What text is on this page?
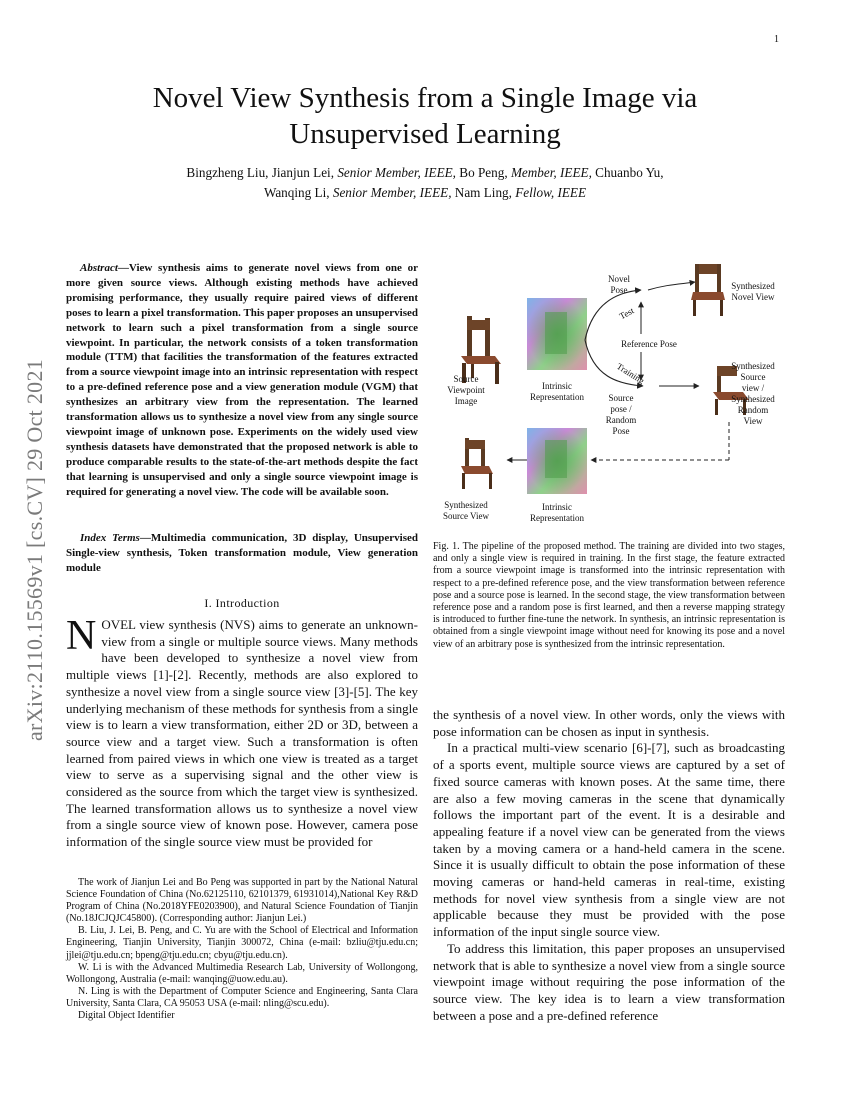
1
arXiv:2110.15569v1 [cs.CV] 29 Oct 2021
Novel View Synthesis from a Single Image via
Unsupervised Learning
Bingzheng Liu, Jianjun Lei, Senior Member, IEEE, Bo Peng, Member, IEEE, Chuanbo Yu,
Wanqing Li, Senior Member, IEEE, Nam Ling, Fellow, IEEE
Abstract—View synthesis aims to generate novel views from one or more given source views. Although existing methods have achieved promising performance, they usually require paired views of different poses to learn a pixel transformation. This paper proposes an unsupervised network to learn such a pixel transformation from a single source viewpoint. In particular, the network consists of a token transformation module (TTM) that facilities the transformation of the features extracted from a source viewpoint image into an intrinsic representation with respect to a pre-defined reference pose and a view generation module (VGM) that synthesizes an arbitrary view from the representation. The learned transformation allows us to synthesize a novel view from any single source viewpoint image of unknown pose. Experiments on the widely used view synthesis datasets have demonstrated that the proposed network is able to produce comparable results to the state-of-the-art methods despite the fact that learning is unsupervised and only a single source viewpoint image is required for generating a novel view. The code will be available soon.
Index Terms—Multimedia communication, 3D display, Unsupervised Single-view synthesis, Token transformation module, View generation module
I. Introduction
NOVEL view synthesis (NVS) aims to generate an unknown-view from a single or multiple source views. Many methods have been developed to synthesize a novel view from multiple views [1]-[2]. Recently, methods are also explored to synthesize a novel view from a single source view [3]-[5]. The key underlying mechanism of these methods for synthesis from a single view is to learn a view transformation, either 2D or 3D, between a source view and a target view. Such a transformation is often learned from paired views in which one view is treated as a target view to serve as a supervising signal and the other view is considered as the source from which the target view is synthesized. The learned transformation allows us to synthesize a novel view from a single source view of known pose. However, camera pose information of the single source view must be provided for

The work of Jianjun Lei and Bo Peng was supported in part by the National Natural Science Foundation of China (No.62125110, 62101379, 61931014),National Key R&D Program of China (No.2018YFE0203900), and Natural Science Foundation of Tianjin (No.18JCJQJC45800). (Corresponding author: Jianjun Lei.)

B. Liu, J. Lei, B. Peng, and C. Yu are with the School of Electrical and Information Engineering, Tianjin University, Tianjin 300072, China (e-mail: bzliu@tju.edu.cn; jjlei@tju.edu.cn; bpeng@tju.edu.cn; cbyu@tju.edu.cn).

W. Li is with the Advanced Multimedia Research Lab, University of Wollongong, Wollongong, Australia (e-mail: wanqing@uow.edu.au).

N. Ling is with the Department of Computer Science and Engineering, Santa Clara University, Santa Clara, CA 95053 USA (e-mail: nling@scu.edu).

Digital Object Identifier

Source
Viewpoint
Image
Intrinsic
Representation
Novel
Pose
Test
Reference Pose
Training
Source
pose /
Random
Pose
Synthesized
Novel View
Synthesized
Source
view /
Synthesized
Random
View
Intrinsic
Representation
Synthesized
Source View
Fig. 1. The pipeline of the proposed method. The training are divided into two stages, and only a single view is required in training. In the first stage, the feature extracted from a source viewpoint image is transformed into the intrinsic representation with respect to a pre-defined reference pose, and the view transformation between reference pose and a source pose is learned. In the second stage, the view transformation between reference pose and a random pose is first learned, and then a reverse mapping strategy is introduced to further fine-tune the network. In synthesis, an intrinsic representation is obtained from a single viewpoint image without need for knowing its pose and a novel view of an arbitrary pose is synthesized from the intrinsic representation.

the synthesis of a novel view. In other words, only the views with pose information can be chosen as input in synthesis.

In a practical multi-view scenario [6]-[7], such as broadcasting of a sports event, multiple source views are captured by a set of fixed source cameras with known poses. At the same time, there are also a few moving cameras in the scene that dynamically follows the important part of the event. It is a desirable and appealing feature if a novel view can be generated from the views taken by a moving camera or a hand-held camera in the scene. Since it is usually difficult to obtain the pose information of these moving cameras or hand-held cameras in real-time, existing methods for novel view synthesis from a single view are not applicable because they must be provided with the pose information of the input single source view.

To address this limitation, this paper proposes an unsupervised network that is able to synthesize a novel view from a single source viewpoint image without requiring the pose information of the source view. The key idea is to learn a view transformation between a pose and a pre-defined reference
